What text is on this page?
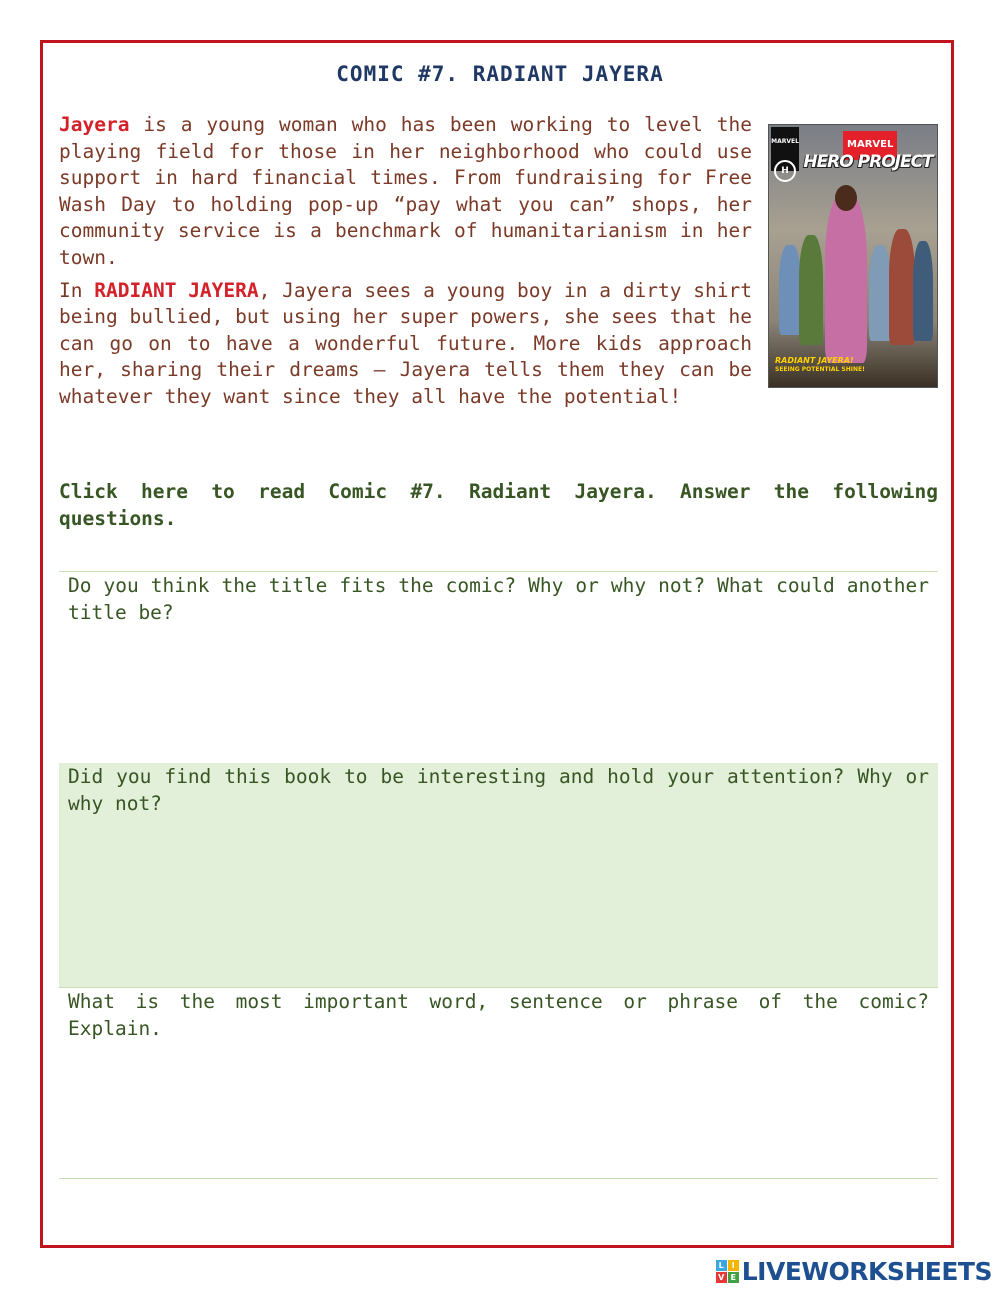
COMIC #7. RADIANT JAYERA
MARVEL
H
MARVEL
HERO PROJECT
RADIANT JAYERA!
SEEING POTENTIAL SHINE!

Jayera is a young woman who has been working to level the playing field for those in her neighborhood who could use support in hard financial times. From fundraising for Free Wash Day to holding pop-up “pay what you can” shops, her community service is a benchmark of humanitarianism in her town.

In RADIANT JAYERA, Jayera sees a young boy in a dirty shirt being bullied, but using her super powers, she sees that he can go on to have a wonderful future. More kids approach her, sharing their dreams – Jayera tells them they can be whatever they want since they all have the potential!

Click here to read Comic #7. Radiant Jayera. Answer the following questions.
Do you think the title fits the comic? Why or why not? What could another title be?
Did you find this book to be interesting and hold your attention? Why or why not?
What is the most important word, sentence or phrase of the comic? Explain.
L I
V E LIVEWORKSHEETS
